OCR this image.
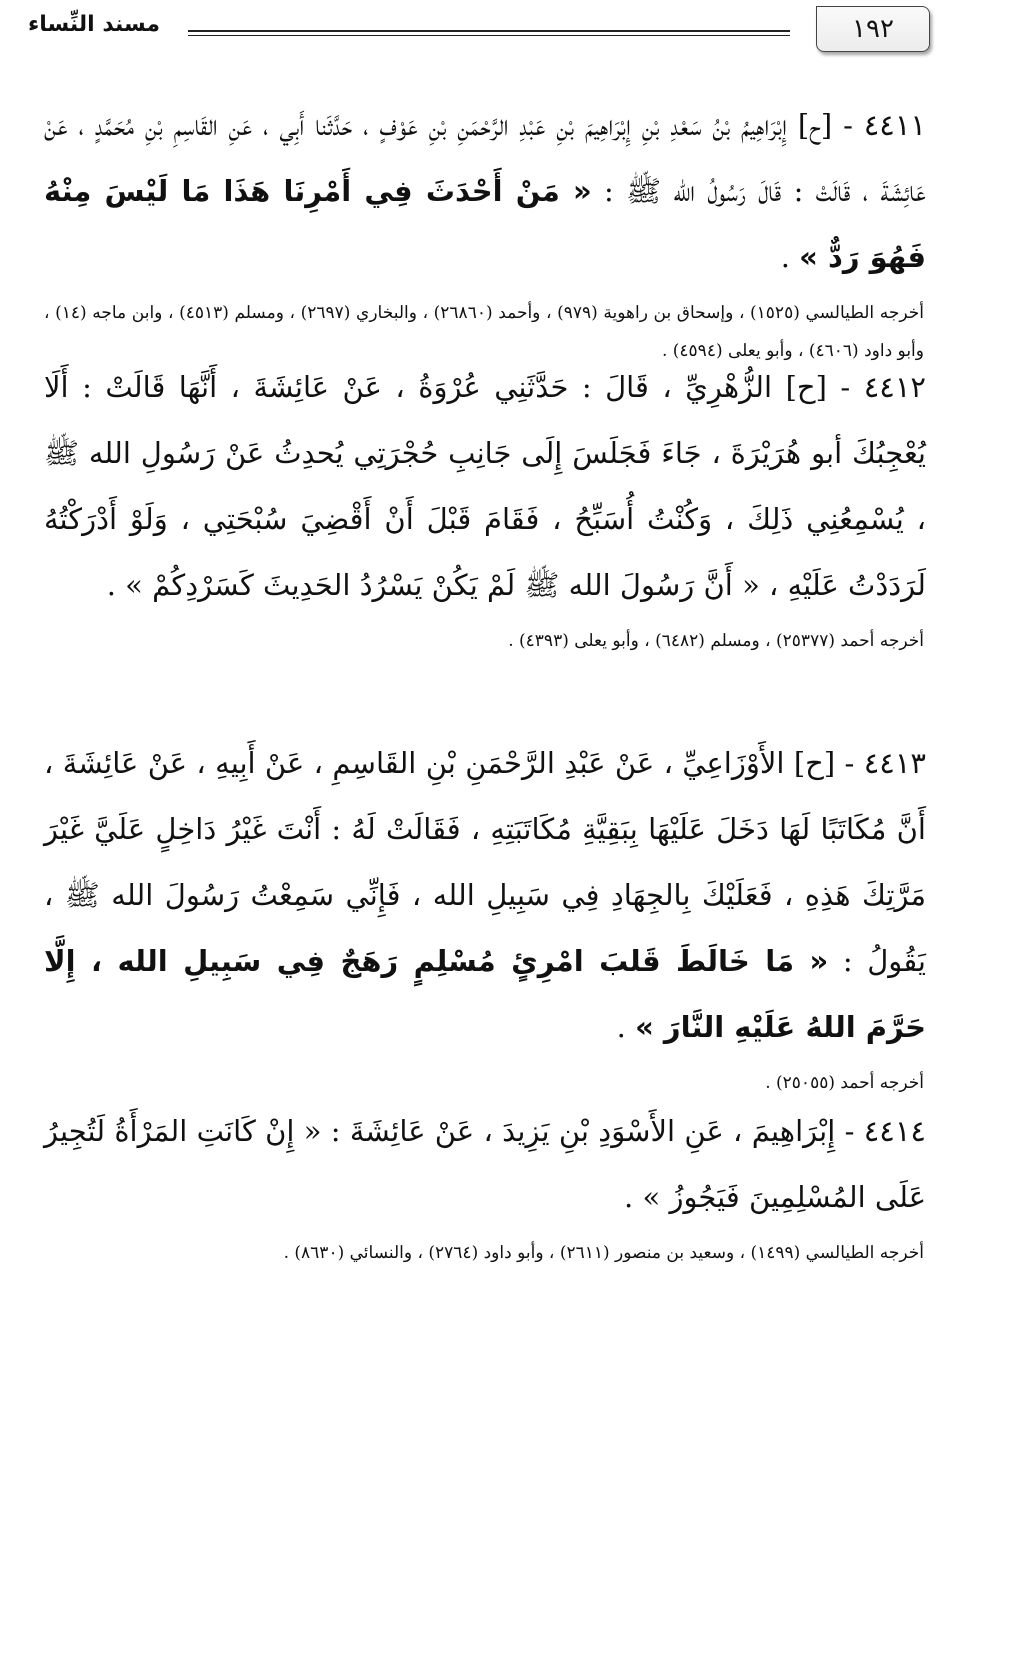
١٩٢
مسند النِّساء

٤٤١١ - [ح] إِبْرَاهِيمُ بْنُ سَعْدِ بْنِ إِبْرَاهِيمَ بْنِ عَبْدِ الرَّحْمَنِ بْنِ عَوْفٍ ، حَدَّثَنا أَبِي ، عَنِ القَاسِمِ بْنِ مُحَمَّدٍ ، عَنْ عَائِشَةَ ، قَالَتْ : قَالَ رَسُولُ الله ﷺ : « مَنْ أَحْدَثَ فِي أَمْرِنَا هَذَا مَا لَيْسَ مِنْهُ فَهُوَ رَدٌّ » .

أخرجه الطيالسي (١٥٢٥) ، وإسحاق بن راهوية (٩٧٩) ، وأحمد (٢٦٨٦٠) ، والبخاري (٢٦٩٧) ، ومسلم (٤٥١٣) ، وابن ماجه (١٤) ، وأبو داود (٤٦٠٦) ، وأبو يعلى (٤٥٩٤) .

٤٤١٢ - [ح] الزُّهْرِيِّ ، قَالَ : حَدَّثَنِي عُرْوَةُ ، عَنْ عَائِشَةَ ، أَنَّهَا قَالَتْ : أَلَا يُعْجِبُكَ أبو هُرَيْرَةَ ، جَاءَ فَجَلَسَ إِلَى جَانِبِ حُجْرَتِي يُحدِثُ عَنْ رَسُولِ الله ﷺ ، يُسْمِعُنِي ذَلِكَ ، وَكُنْتُ أُسَبِّحُ ، فَقَامَ قَبْلَ أَنْ أَقْضِيَ سُبْحَتِي ، وَلَوْ أَدْرَكْتُهُ لَرَدَدْتُ عَلَيْهِ ، « أَنَّ رَسُولَ الله ﷺ لَمْ يَكُنْ يَسْرُدُ الحَدِيثَ كَسَرْدِكُمْ » .

أخرجه أحمد (٢٥٣٧٧) ، ومسلم (٦٤٨٢) ، وأبو يعلى (٤٣٩٣) .

٤٤١٣ - [ح] الأَوْزَاعِيِّ ، عَنْ عَبْدِ الرَّحْمَنِ بْنِ القَاسِمِ ، عَنْ أَبِيهِ ، عَنْ عَائِشَةَ ، أَنَّ مُكَاتَبًا لَهَا دَخَلَ عَلَيْهَا بِبَقِيَّةِ مُكَاتَبَتِهِ ، فَقَالَتْ لَهُ : أَنْتَ غَيْرُ دَاخِلٍ عَلَيَّ غَيْرَ مَرَّتِكَ هَذِهِ ، فَعَلَيْكَ بِالجِهَادِ فِي سَبِيلِ الله ، فَإِنِّي سَمِعْتُ رَسُولَ الله ﷺ ، يَقُولُ : « مَا خَالَطَ قَلبَ امْرِئٍ مُسْلِمٍ رَهَجٌ فِي سَبِيلِ الله ، إِلَّا حَرَّمَ اللهُ عَلَيْهِ النَّارَ » .

أخرجه أحمد (٢٥٠٥٥) .

٤٤١٤ - إِبْرَاهِيمَ ، عَنِ الأَسْوَدِ بْنِ يَزِيدَ ، عَنْ عَائِشَةَ : « إِنْ كَانَتِ المَرْأَةُ لَتُجِيرُ عَلَى المُسْلِمِينَ فَيَجُوزُ » .

أخرجه الطيالسي (١٤٩٩) ، وسعيد بن منصور (٢٦١١) ، وأبو داود (٢٧٦٤) ، والنسائي (٨٦٣٠) .
